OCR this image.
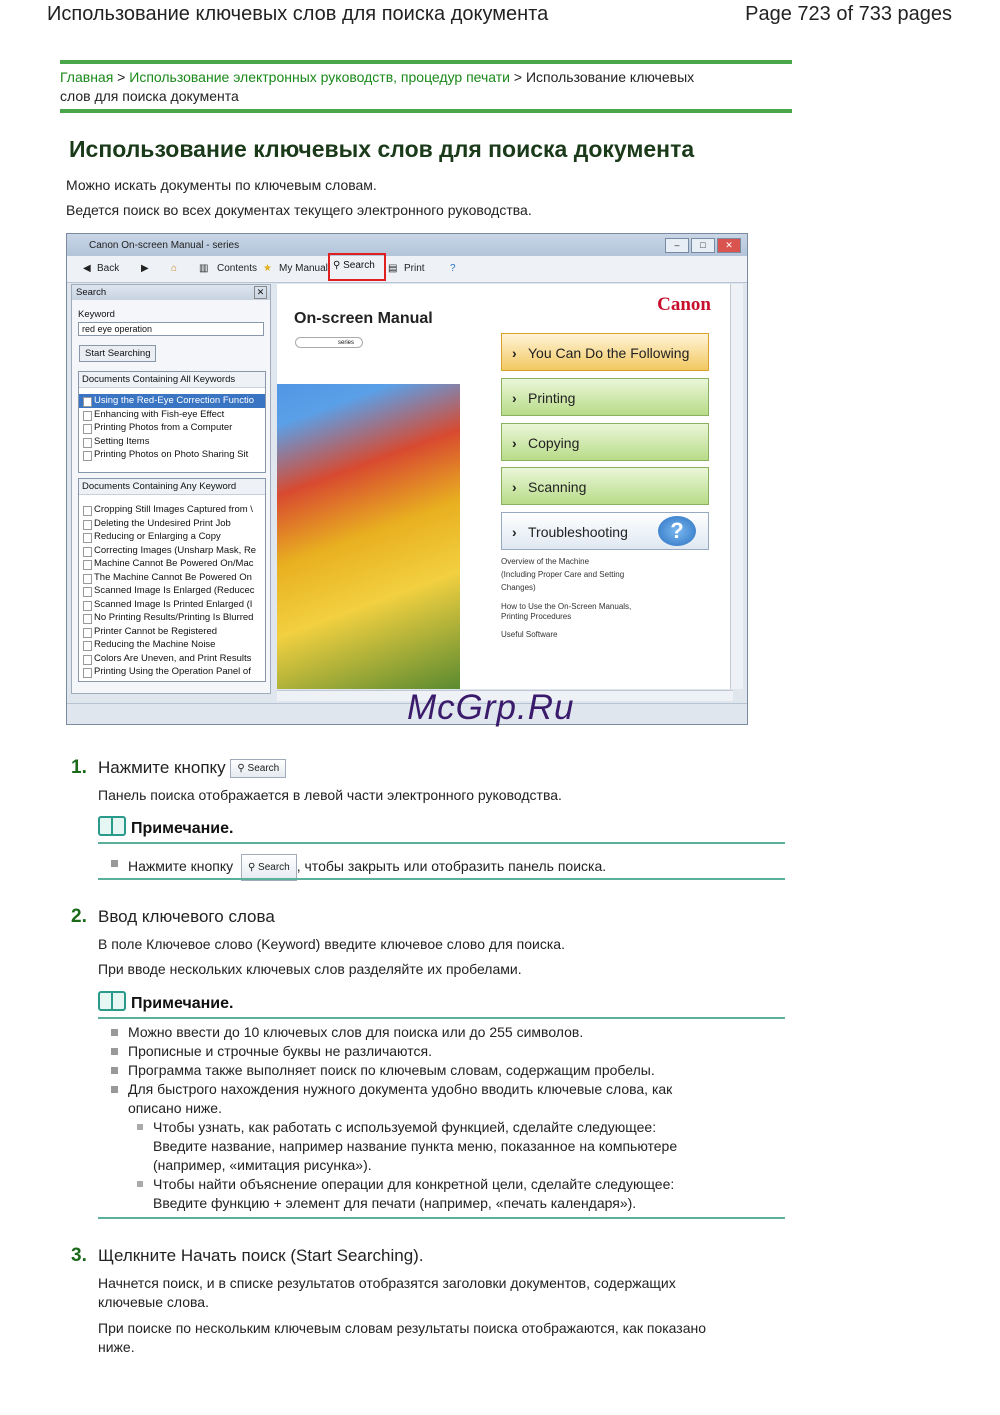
Использование ключевых слов для поиска документа	Page 723 of 733 pages
Главная > Использование электронных руководств, процедур печати > Использование ключевых
слов для поиска документа
Использование ключевых слов для поиска документа
Можно искать документы по ключевым словам.
Ведется поиск во всех документах текущего электронного руководства.
Canon On-screen Manual - series	–	□	✕
◀ Back ▶ ⌂ ▥ Contents ★ My Manual	▤ Print	?
⚲ Search
Search	✕
Keyword
red eye operation
Start Searching
Documents Containing All Keywords
Using the Red-Eye Correction Functio
Enhancing with Fish-eye Effect
Printing Photos from a Computer
Setting Items
Printing Photos on Photo Sharing Sit
Documents Containing Any Keyword
Cropping Still Images Captured from \
Deleting the Undesired Print Job
Reducing or Enlarging a Copy
Correcting Images (Unsharp Mask, Re
Machine Cannot Be Powered On/Mac
The Machine Cannot Be Powered On
Scanned Image Is Enlarged (Reducec
Scanned Image Is Printed Enlarged (I
No Printing Results/Printing Is Blurred
Printer Cannot be Registered
Reducing the Machine Noise
Colors Are Uneven, and Print Results
Printing Using the Operation Panel of
On-screen Manual
series
Canon
› You Can Do the Following
› Printing
› Copying
› Scanning
› Troubleshooting	?
Overview of the Machine
(Including Proper Care and Setting
Changes)
How to Use the On-Screen Manuals,
Printing Procedures
Useful Software
McGrp.Ru
1. Нажмите кнопку ⚲ Search
Панель поиска отображается в левой части электронного руководства.
Примечание.
Нажмите кнопку ⚲ Search , чтобы закрыть или отобразить панель поиска.
2. Ввод ключевого слова
В поле Ключевое слово (Keyword) введите ключевое слово для поиска.
При вводе нескольких ключевых слов разделяйте их пробелами.
Примечание.
Можно ввести до 10 ключевых слов для поиска или до 255 символов.
Прописные и строчные буквы не различаются.
Программа также выполняет поиск по ключевым словам, содержащим пробелы.
Для быстрого нахождения нужного документа удобно вводить ключевые слова, как
описано ниже.
Чтобы узнать, как работать с используемой функцией, сделайте следующее:
Введите название, например название пункта меню, показанное на компьютере
(например, «имитация рисунка»).
Чтобы найти объяснение операции для конкретной цели, сделайте следующее:
Введите функцию + элемент для печати (например, «печать календаря»).
3. Щелкните Начать поиск (Start Searching).
Начнется поиск, и в списке результатов отобразятся заголовки документов, содержащих
ключевые слова.
При поиске по нескольким ключевым словам результаты поиска отображаются, как показано
ниже.
